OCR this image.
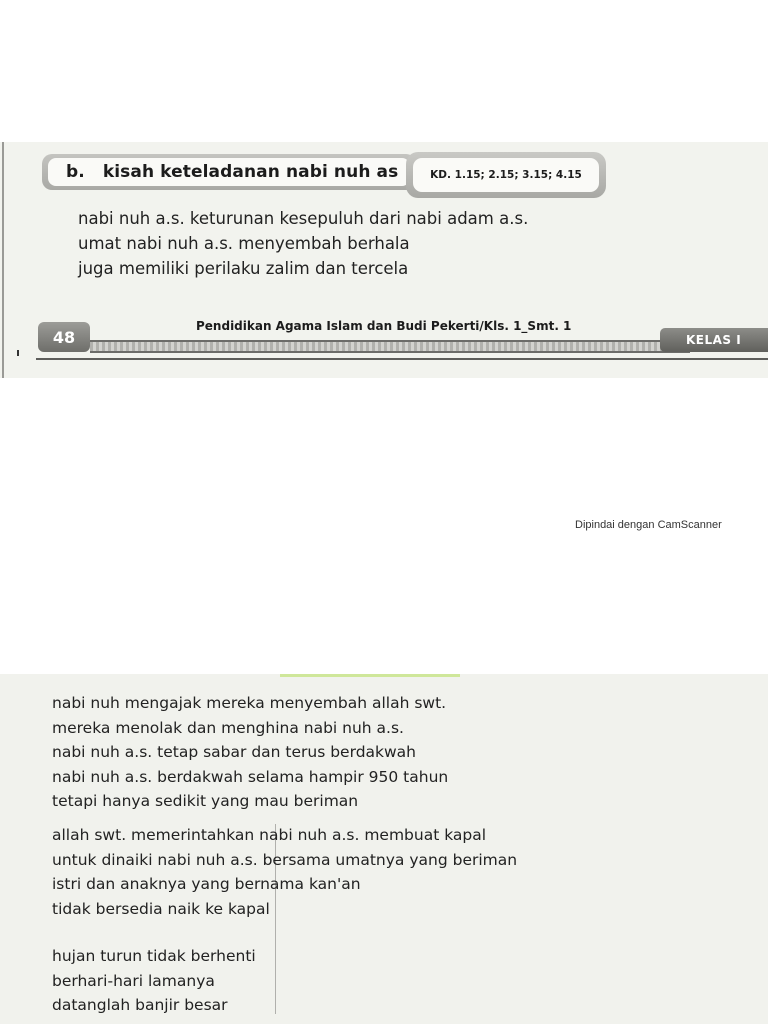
b. kisah keteladanan nabi nuh as	KD. 1.15; 2.15; 3.15; 4.15
nabi nuh a.s. keturunan kesepuluh dari nabi adam a.s.
umat nabi nuh a.s. menyembah berhala
juga memiliki perilaku zalim dan tercela
48
Pendidikan Agama Islam dan Budi Pekerti/Kls. 1_Smt. 1
KELAS I
Dipindai dengan CamScanner
nabi nuh mengajak mereka menyembah allah swt.
mereka menolak dan menghina nabi nuh a.s.
nabi nuh a.s. tetap sabar dan terus berdakwah
nabi nuh a.s. berdakwah selama hampir 950 tahun
tetapi hanya sedikit yang mau beriman
allah swt. memerintahkan nabi nuh a.s. membuat kapal
untuk dinaiki nabi nuh a.s. bersama umatnya yang beriman
istri dan anaknya yang bernama kan'an
tidak bersedia naik ke kapal
hujan turun tidak berhenti
berhari-hari lamanya
datanglah banjir besar
